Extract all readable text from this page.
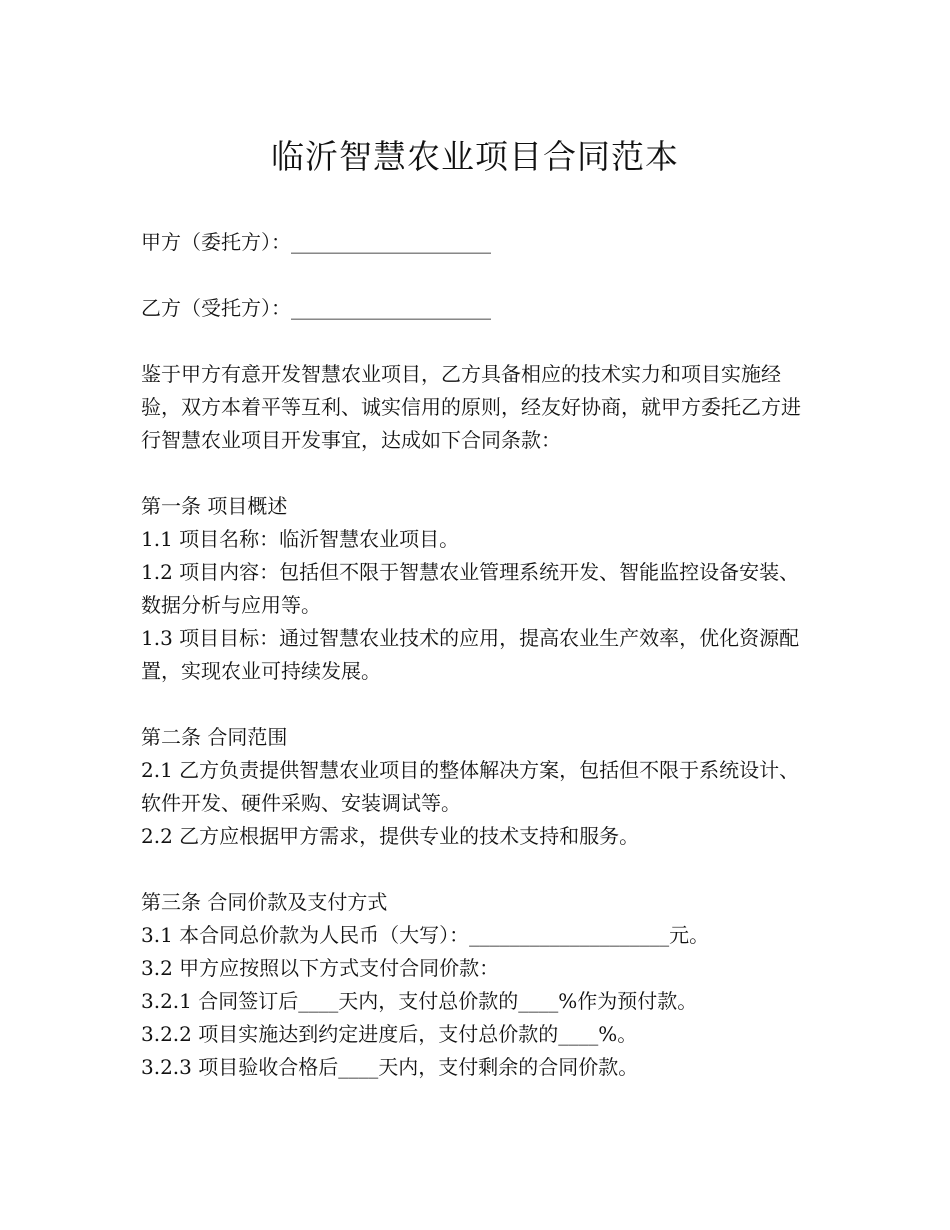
临沂智慧农业项目合同范本

甲方（委托方）：____________________

乙方（受托方）：____________________

鉴于甲方有意开发智慧农业项目，乙方具备相应的技术实力和项目实施经验，双方本着平等互利、诚实信用的原则，经友好协商，就甲方委托乙方进行智慧农业项目开发事宜，达成如下合同条款：

第一条 项目概述

1.1 项目名称：临沂智慧农业项目。

1.2 项目内容：包括但不限于智慧农业管理系统开发、智能监控设备安装、数据分析与应用等。

1.3 项目目标：通过智慧农业技术的应用，提高农业生产效率，优化资源配置，实现农业可持续发展。

第二条 合同范围

2.1 乙方负责提供智慧农业项目的整体解决方案，包括但不限于系统设计、软件开发、硬件采购、安装调试等。

2.2 乙方应根据甲方需求，提供专业的技术支持和服务。

第三条 合同价款及支付方式

3.1 本合同总价款为人民币（大写）：____________________元。

3.2 甲方应按照以下方式支付合同价款：

3.2.1 合同签订后____天内，支付总价款的____%作为预付款。

3.2.2 项目实施达到约定进度后，支付总价款的____%。

3.2.3 项目验收合格后____天内，支付剩余的合同价款。
